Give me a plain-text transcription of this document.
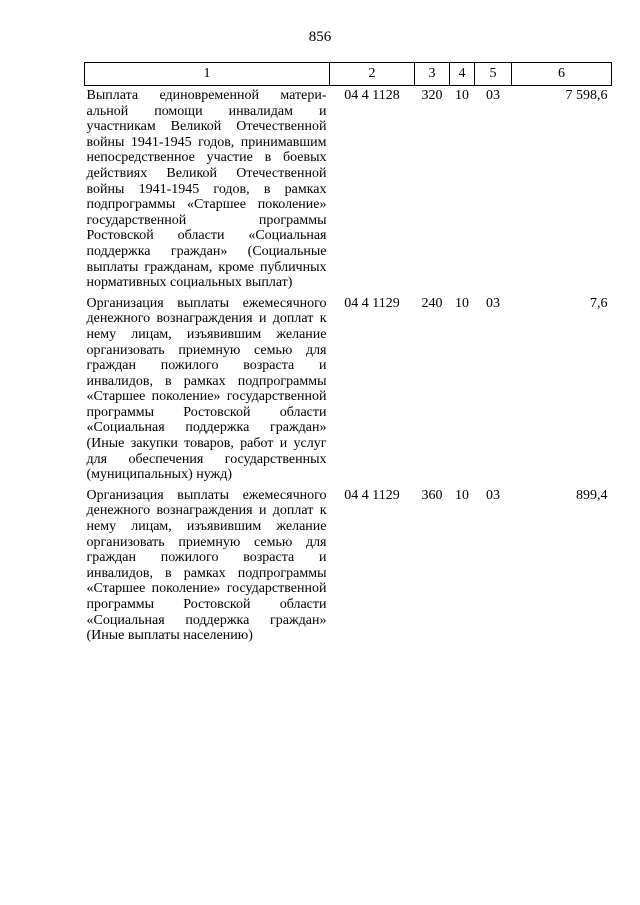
856
1	2	3	4	5	6
Выплата единовременной материальной помощи инвалидам и участникам Великой Отечественной войны 1941-1945 годов, принимавшим непосредственное участие в боевых действиях Великой Отечественной войны 1941-1945 годов, в рамках подпрограммы «Старшее поколение» государственной программы Ростовской области «Социальная поддержка граждан» (Социальные выплаты гражданам, кроме публичных нормативных социальных выплат)	04 4 1128	320	10	03	7 598,6
Организация выплаты ежемесячного денежного вознаграждения и доплат к нему лицам, изъявившим желание организовать приемную семью для граждан пожилого возраста и инвалидов, в рамках подпрограммы «Старшее поколение» государственной программы Ростовской области «Социальная поддержка граждан» (Иные закупки товаров, работ и услуг для обеспечения государственных (муниципальных) нужд)	04 4 1129	240	10	03	7,6
Организация выплаты ежемесячного денежного вознаграждения и доплат к нему лицам, изъявившим желание организовать приемную семью для граждан пожилого возраста и инвалидов, в рамках подпрограммы «Старшее поколение» государственной программы Ростовской области «Социальная поддержка граждан» (Иные выплаты населению)	04 4 1129	360	10	03	899,4
